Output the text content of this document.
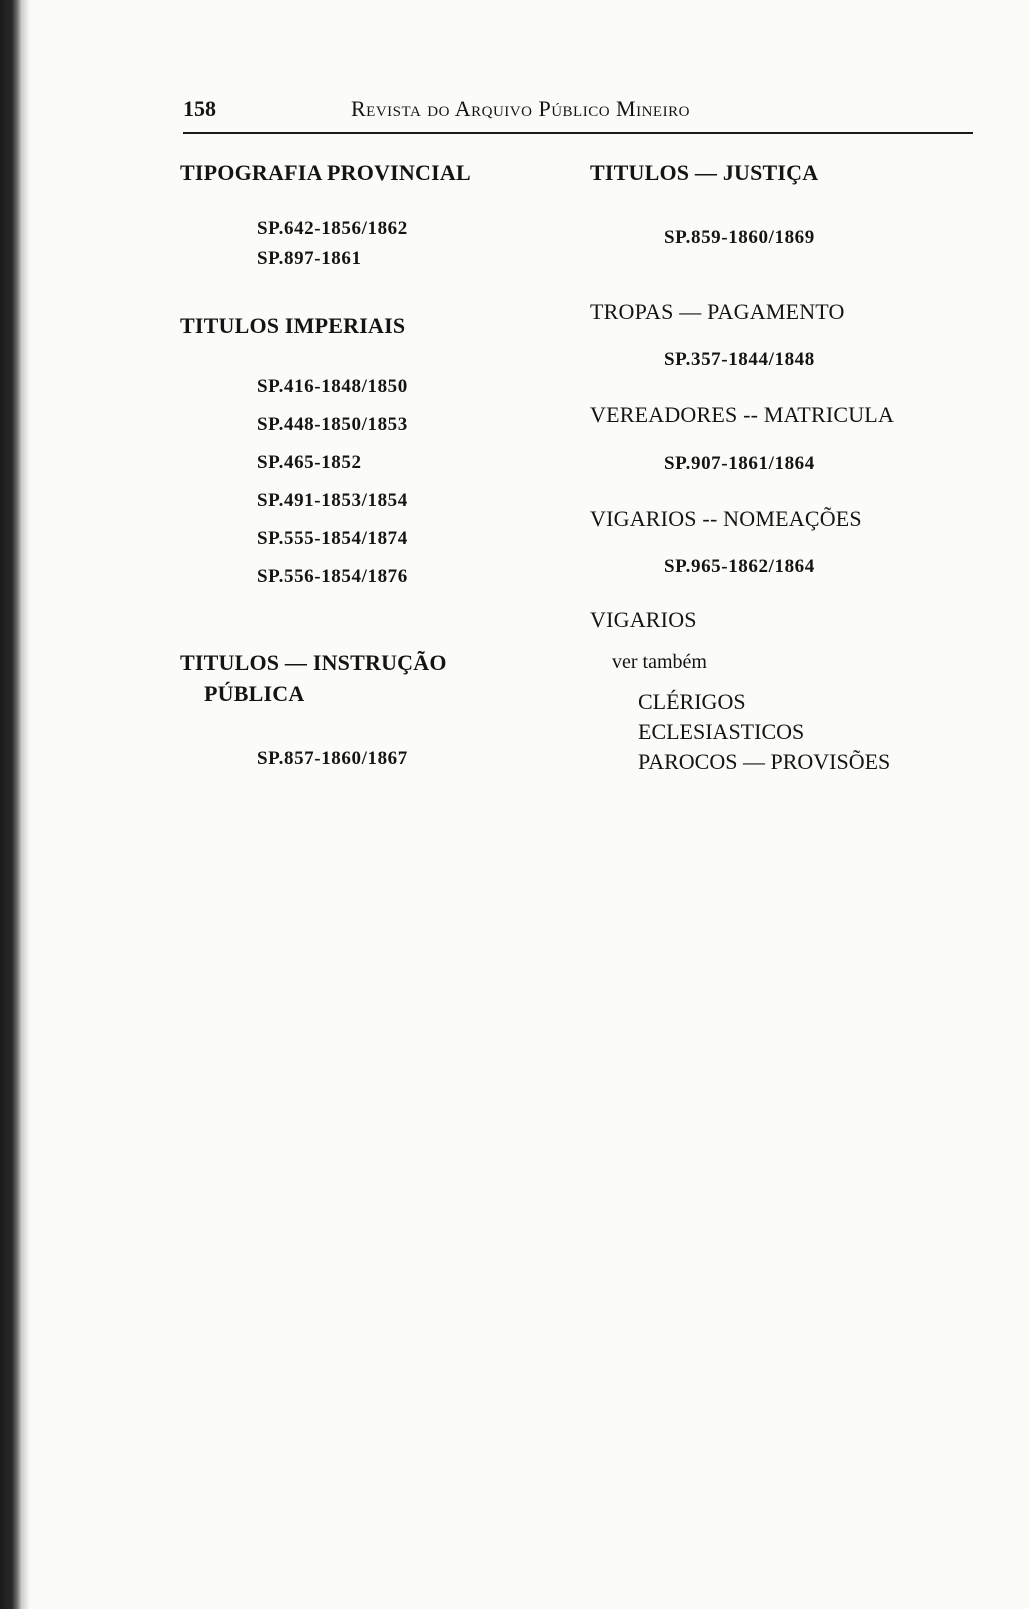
158	Revista do Arquivo Público Mineiro
TIPOGRAFIA PROVINCIAL
SP.642-1856/1862
SP.897-1861
TITULOS IMPERIAIS
SP.416-1848/1850
SP.448-1850/1853
SP.465-1852
SP.491-1853/1854
SP.555-1854/1874
SP.556-1854/1876
TITULOS — INSTRUÇÃO
PÚBLICA
SP.857-1860/1867
TITULOS — JUSTIÇA
SP.859-1860/1869
TROPAS — PAGAMENTO
SP.357-1844/1848
VEREADORES -- MATRICULA
SP.907-1861/1864
VIGARIOS -- NOMEAÇÕES
SP.965-1862/1864
VIGARIOS
ver também
CLÉRIGOS
ECLESIASTICOS
PAROCOS — PROVISÕES
